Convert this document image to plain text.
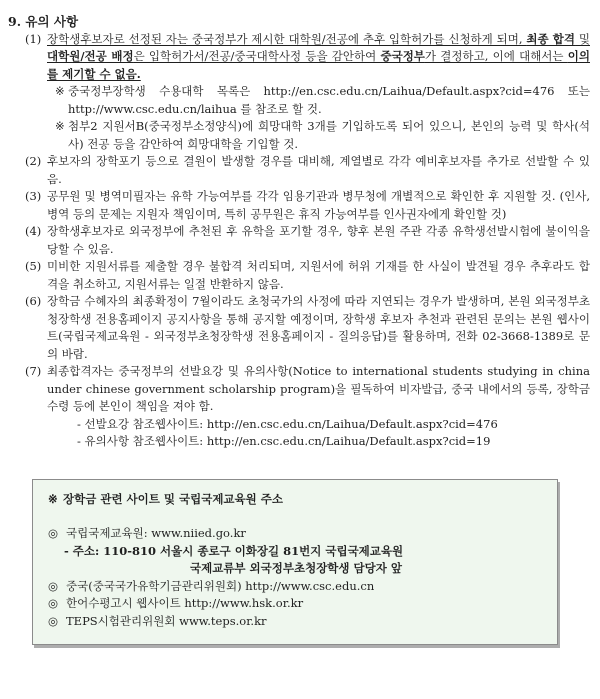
9. 유의 사항

(1) 장학생후보자로 선정된 자는 중국정부가 제시한 대학원/전공에 추후 입학허가를 신청하게 되며, 최종 합격 및 대학원/전공 배정은 입학허가서/전공/중국대학사정 등을 감안하여 중국정부가 결정하고, 이에 대해서는 이의를 제기할 수 없음.

※ 중국정부장학생 수용대학 목록은 http://en.csc.edu.cn/Laihua/Default.aspx?cid=476 또는 http://www.csc.edu.cn/laihua 를 참조로 할 것.

※ 첨부2 지원서B(중국정부소정양식)에 희망대학 3개를 기입하도록 되어 있으니, 본인의 능력 및 학사(석사) 전공 등을 감안하여 희망대학을 기입할 것.

(2) 후보자의 장학포기 등으로 결원이 발생할 경우를 대비해, 계열별로 각각 예비후보자를 추가로 선발할 수 있음.

(3) 공무원 및 병역미필자는 유학 가능여부를 각각 임용기관과 병무청에 개별적으로 확인한 후 지원할 것. (인사, 병역 등의 문제는 지원자 책임이며, 특히 공무원은 휴직 가능여부를 인사권자에게 확인할 것)

(4) 장학생후보자로 외국정부에 추천된 후 유학을 포기할 경우, 향후 본원 주관 각종 유학생선발시험에 불이익을 당할 수 있음.

(5) 미비한 지원서류를 제출할 경우 불합격 처리되며, 지원서에 허위 기재를 한 사실이 발견될 경우 추후라도 합격을 취소하고, 지원서류는 일절 반환하지 않음.

(6) 장학금 수혜자의 최종확정이 7월이라도 초청국가의 사정에 따라 지연되는 경우가 발생하며, 본원 외국정부초청장학생 전용홈페이지 공지사항을 통해 공지할 예정이며, 장학생 후보자 추천과 관련된 문의는 본원 웹사이트(국립국제교육원 - 외국정부초청장학생 전용홈페이지 - 질의응답)를 활용하며, 전화 02-3668-1389로 문의 바람.

(7) 최종합격자는 중국정부의 선발요강 및 유의사항(Notice to international students studying in china under chinese government scholarship program)을 필독하여 비자발급, 중국 내에서의 등록, 장학금 수령 등에 본인이 책임을 져야 함.

- 선발요강 참조웹사이트: http://en.csc.edu.cn/Laihua/Default.aspx?cid=476

- 유의사항 참조웹사이트: http://en.csc.edu.cn/Laihua/Default.aspx?cid=19

※ 장학금 관련 사이트 및 국립국제교육원 주소

◎ 국립국제교육원: www.niied.go.kr

- 주소: 110-810 서울시 종로구 이화장길 81번지 국립국제교육원

국제교류부 외국정부초청장학생 담당자 앞

◎ 중국(중국국가유학기금관리위원회) http://www.csc.edu.cn

◎ 한어수평고시 웹사이트 http://www.hsk.or.kr

◎ TEPS시험관리위원회 www.teps.or.kr
